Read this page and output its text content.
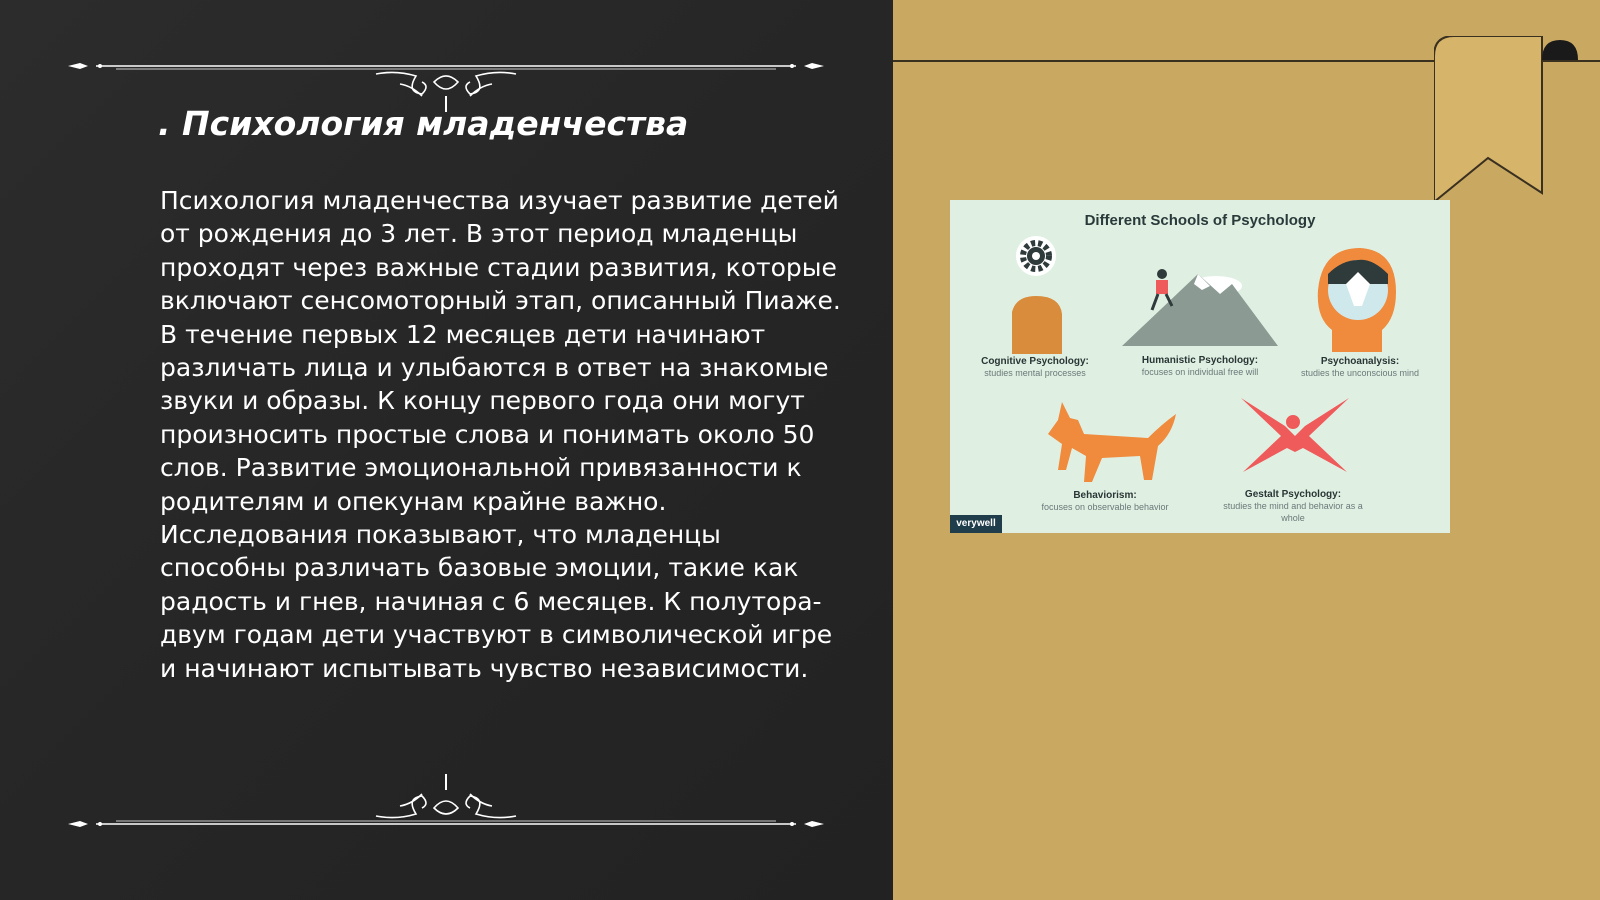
. Психология младенчества

Психология младенчества изучает развитие детей от рождения до 3 лет. В этот период младенцы проходят через важные стадии развития, которые включают сенсомоторный этап, описанный Пиаже. В течение первых 12 месяцев дети начинают различать лица и улыбаются в ответ на знакомые звуки и образы. К концу первого года они могут произносить простые слова и понимать около 50 слов. Развитие эмоциональной привязанности к родителям и опекунам крайне важно. Исследования показывают, что младенцы способны различать базовые эмоции, такие как радость и гнев, начиная с 6 месяцев. К полутора-двум годам дети участвуют в символической игре и начинают испытывать чувство независимости.

Different Schools of Psychology
Cognitive Psychology:
studies mental processes
Humanistic Psychology:
focuses on individual free will
Psychoanalysis:
studies the unconscious mind
Behaviorism:
focuses on observable behavior
Gestalt Psychology:
studies the mind and behavior as a whole
verywell
